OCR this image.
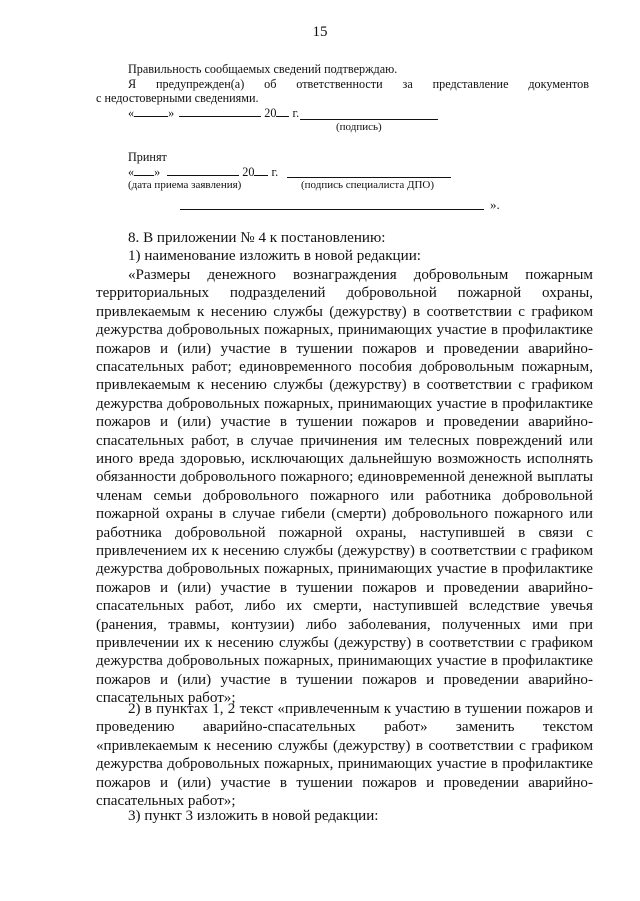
15
Правильность сообщаемых сведений подтверждаю.
Я предупрежден(а) об ответственности за представление документов
с недостоверными сведениями.
«	»	20 г.
(подпись)
Принят
« »	20 г.
(дата приема заявления)	(подпись специалиста ДПО)
».
8. В приложении № 4 к постановлению:
1) наименование изложить в новой редакции:
«Размеры денежного вознаграждения добровольным пожарным
территориальных подразделений добровольной пожарной охраны,
привлекаемым к несению службы (дежурству) в соответствии с графиком
дежурства добровольных пожарных, принимающих участие в профилактике
пожаров и (или) участие в тушении пожаров и проведении аварийно-
спасательных работ; единовременного пособия добровольным пожарным,
привлекаемым к несению службы (дежурству) в соответствии с графиком
дежурства добровольных пожарных, принимающих участие в профилактике
пожаров и (или) участие в тушении пожаров и проведении аварийно-
спасательных работ, в случае причинения им телесных повреждений или
иного вреда здоровью, исключающих дальнейшую возможность исполнять
обязанности добровольного пожарного; единовременной денежной выплаты
членам семьи добровольного пожарного или работника добровольной
пожарной охраны в случае гибели (смерти) добровольного пожарного или
работника добровольной пожарной охраны, наступившей в связи с
привлечением их к несению службы (дежурству) в соответствии с графиком
дежурства добровольных пожарных, принимающих участие в профилактике
пожаров и (или) участие в тушении пожаров и проведении аварийно-
спасательных работ, либо их смерти, наступившей вследствие увечья
(ранения, травмы, контузии) либо заболевания, полученных ими при
привлечении их к несению службы (дежурству) в соответствии с графиком
дежурства добровольных пожарных, принимающих участие в профилактике
пожаров и (или) участие в тушении пожаров и проведении аварийно-
спасательных работ»;
2) в пунктах 1, 2 текст «привлеченным к участию в тушении пожаров и
проведению аварийно-спасательных работ» заменить текстом
«привлекаемым к несению службы (дежурству) в соответствии с графиком
дежурства добровольных пожарных, принимающих участие в профилактике
пожаров и (или) участие в тушении пожаров и проведении аварийно-
спасательных работ»;
3) пункт 3 изложить в новой редакции:
